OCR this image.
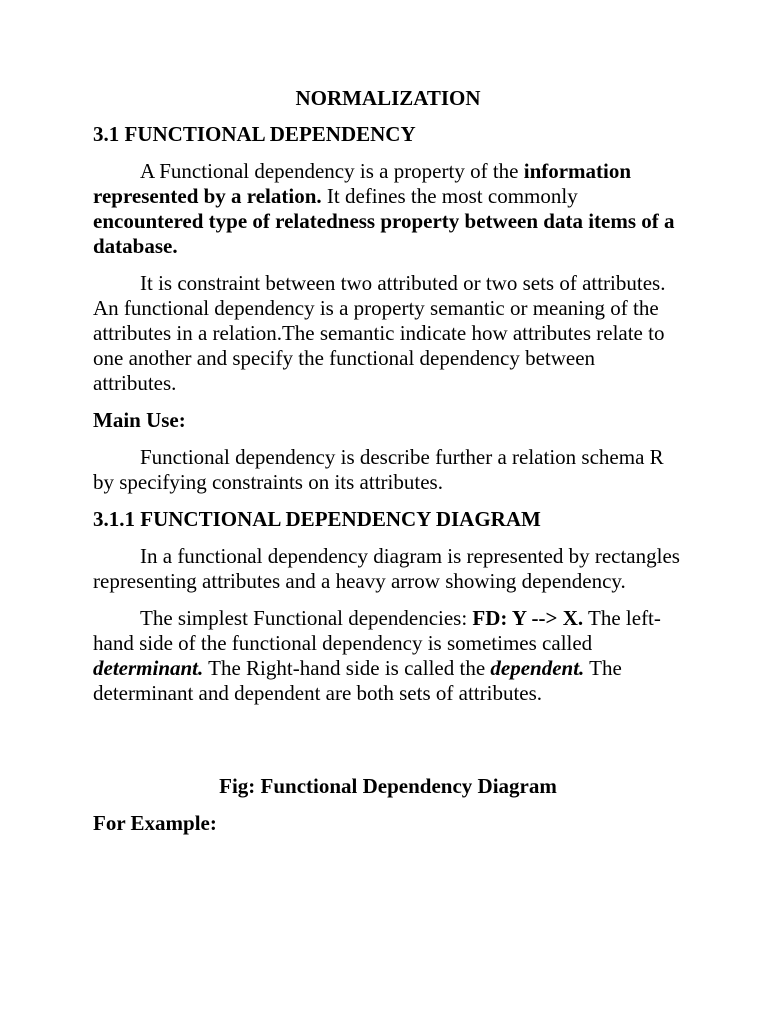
NORMALIZATION
3.1 FUNCTIONAL DEPENDENCY
A Functional dependency is a property of the information represented by a relation. It defines the most commonly encountered type of relatedness property between data items of a database.
It is constraint between two attributed or two sets of attributes. An functional dependency is a property semantic or meaning of the attributes in a relation.The semantic indicate how attributes relate to one another and specify the functional dependency between attributes.
Main Use:
Functional dependency is describe further a relation schema R by specifying constraints on its attributes.
3.1.1 FUNCTIONAL DEPENDENCY DIAGRAM
In a functional dependency diagram is represented by rectangles representing attributes and a heavy arrow showing dependency.
The simplest Functional dependencies: FD: Y --> X. The left-hand side of the functional dependency is sometimes called determinant. The Right-hand side is called the dependent. The determinant and dependent are both sets of attributes.
Fig: Functional Dependency Diagram
For Example:
